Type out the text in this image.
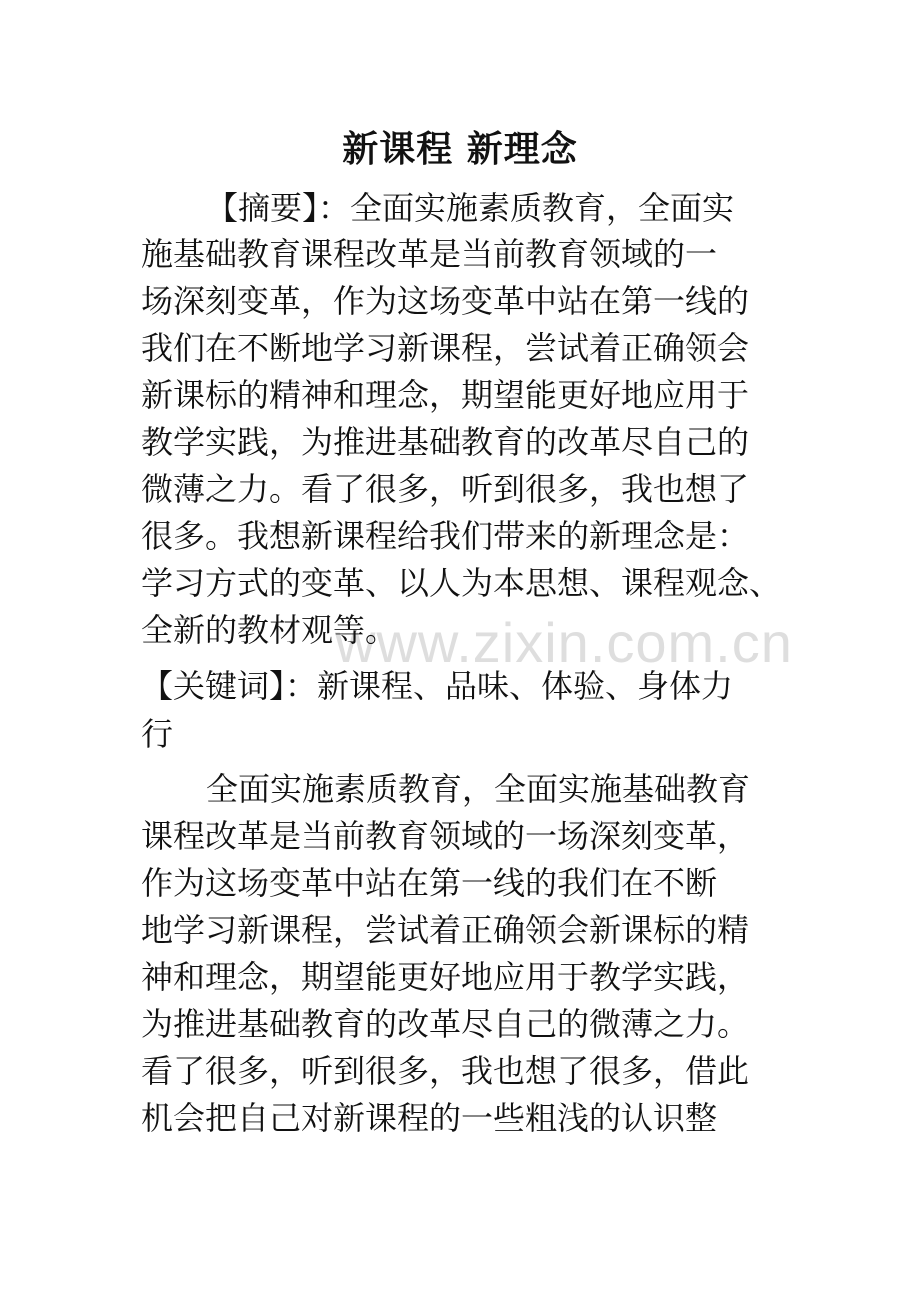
www.zixin.com.cn
新课程 新理念
【摘要】：全面实施素质教育，全面实
施基础教育课程改革是当前教育领域的一
场深刻变革，作为这场变革中站在第一线的
我们在不断地学习新课程，尝试着正确领会
新课标的精神和理念，期望能更好地应用于
教学实践，为推进基础教育的改革尽自己的
微薄之力。看了很多，听到很多，我也想了
很多。我想新课程给我们带来的新理念是：
学习方式的变革、以人为本思想、课程观念、
全新的教材观等。
【关键词】：新课程、品味、体验、身体力
行
全面实施素质教育，全面实施基础教育
课程改革是当前教育领域的一场深刻变革，
作为这场变革中站在第一线的我们在不断
地学习新课程，尝试着正确领会新课标的精
神和理念，期望能更好地应用于教学实践，
为推进基础教育的改革尽自己的微薄之力。
看了很多，听到很多，我也想了很多，借此
机会把自己对新课程的一些粗浅的认识整
